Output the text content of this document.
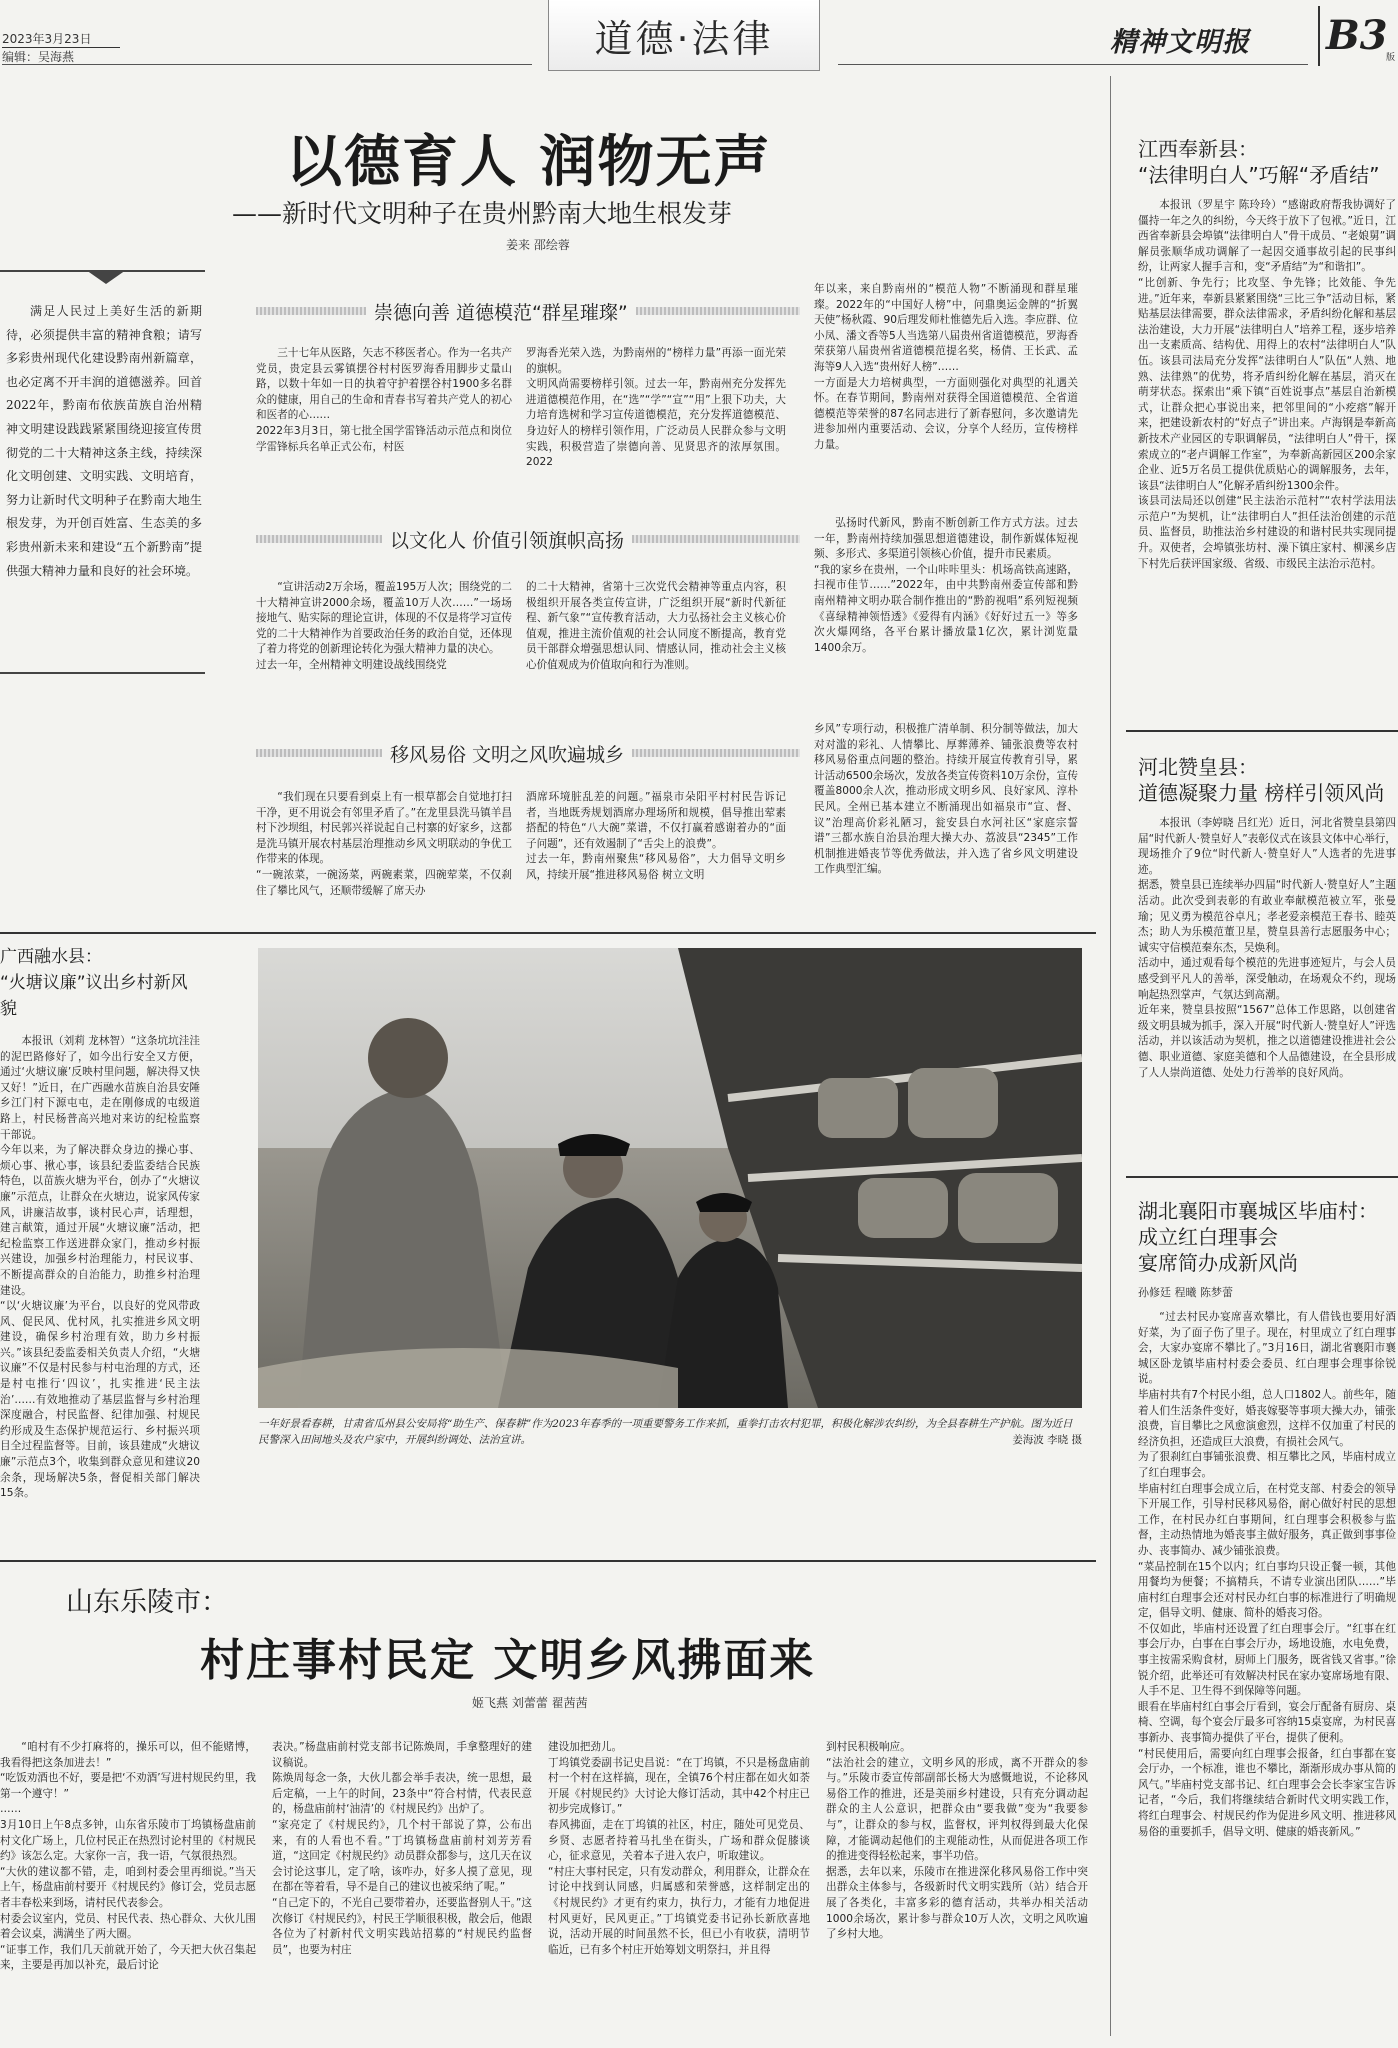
2023年3月23日
编辑：吴海燕	道德·法律	精神文明报 B3
版
以德育人 润物无声
——新时代文明种子在贵州黔南大地生根发芽
姜来 邵绘蓉
满足人民过上美好生活的新期待，必须提供丰富的精神食粮；请写多彩贵州现代化建设黔南州新篇章，也必定离不开丰润的道德滋养。回首2022年，黔南布依族苗族自治州精神文明建设践践紧紧围绕迎接宣传贯彻党的二十大精神这条主线，持续深化文明创建、文明实践、文明培育，努力让新时代文明种子在黔南大地生根发芽，为开创百姓富、生态美的多彩贵州新未来和建设“五个新黔南”提供强大精神力量和良好的社会环境。
崇德向善 道德模范“群星璀璨”
三十七年从医路，矢志不移医者心。作为一名共产党员，贵定县云雾镇摆谷村村医罗海香用脚步丈量山路，以数十年如一日的执着守护着摆谷村1900多名群众的健康，用自己的生命和青春书写着共产党人的初心和医者的心……
2022年3月3日，第七批全国学雷锋活动示范点和岗位学雷锋标兵名单正式公布，村医
罗海香光荣入选，为黔南州的“榜样力量”再添一面光荣的旗帜。
文明风尚需要榜样引领。过去一年，黔南州充分发挥先进道德模范作用，在“选”“学”“宣”“用”上狠下功夫，大力培育选树和学习宣传道德模范，充分发挥道德模范、身边好人的榜样引领作用，广泛动员人民群众参与文明实践，积极营造了崇德向善、见贤思齐的浓厚氛围。2022
年以来，来自黔南州的“模范人物”不断涌现和群星璀璨。2022年的“中国好人榜”中，问鼎奥运金牌的“折翼天使”杨秋霞、90后理发师杜惟德先后入选。李应群、位小凤、潘文香等5人当选第八届贵州省道德模范，罗海香荣获第八届贵州省道德模范提名奖，杨倩、王长武、孟海等9人入选“贵州好人榜”……
一方面是大力培树典型，一方面则强化对典型的礼遇关怀。在春节期间，黔南州对获得全国道德模范、全省道德模范等荣誉的87名同志进行了新春慰问，多次邀请先进参加州内重要活动、会议，分享个人经历，宣传榜样力量。
以文化人 价值引领旗帜高扬
“宣讲活动2万余场，覆盖195万人次；围绕党的二十大精神宣讲2000余场，覆盖10万人次……”一场场接地气、贴实际的理论宣讲，体现的不仅是将学习宣传党的二十大精神作为首要政治任务的政治自觉，还体现了着力将党的创新理论转化为强大精神力量的决心。
过去一年，全州精神文明建设战线围绕党
的二十大精神，省第十三次党代会精神等重点内容，积极组织开展各类宣传宣讲，广泛组织开展“新时代新征程、新气象”“宣传教育活动，大力弘扬社会主义核心价值观，推进主流价值观的社会认同度不断提高，教育党员干部群众增强思想认同、情感认同，推动社会主义核心价值观成为价值取向和行为准则。
弘扬时代新风，黔南不断创新工作方式方法。过去一年，黔南州持续加强思想道德建设，制作新媒体短视频、多形式、多渠道引领核心价值，提升市民素质。
“我的家乡在贵州，一个山咔咔里头：机场高铁高速路，扫视市佳节……”2022年，由中共黔南州委宣传部和黔南州精神文明办联合制作推出的“黔韵视唱”系列短视频《喜绿精神领悟透》《爱得有内涵》《好好过五一》等多次火爆网络，各平台累计播放量1亿次，累计浏览量1400余万。
移风易俗 文明之风吹遍城乡
“我们现在只要看到桌上有一根草都会自觉地打扫干净，更不用说会有邻里矛盾了。”在龙里县洗马镇羊昌村下沙坝组，村民郭兴祥说起自己村寨的好家乡，这都是洗马镇开展农村基层治理推动乡风文明联动的争优工作带来的体现。
“一碗浓菜，一碗汤菜，两碗素菜，四碗荤菜，不仅刹住了攀比风气，还顺带缓解了席天办
酒席环境脏乱差的问题。”福泉市朵阳平村村民告诉记者，当地既秀规划酒席办理场所和规模，倡导推出荤素搭配的特色“八大碗”菜谱，不仅打赢着感谢着办的“面子问题”，还有效遏制了“舌尖上的浪费”。
过去一年，黔南州聚焦“移风易俗”，大力倡导文明乡风，持续开展“推进移风易俗 树立文明
乡风”专项行动，积极推广清单制、积分制等做法，加大对对滥的彩礼、人情攀比、厚葬薄养、铺张浪费等农村移风易俗重点问题的整治。持续开展宣传教育引导，累计活动6500余场次，发放各类宣传资料10万余份，宣传覆盖8000余人次，推动形成文明乡风、良好家风、淳朴民风。全州已基本建立不断涌现出如福泉市“宣、督、议”治理高价彩礼陋习，瓮安县白水河社区“家庭宗誓谱”三都水族自治县治理大操大办、荔波县“2345”工作机制推进婚丧节等优秀做法，并入选了省乡风文明建设工作典型汇编。
江西奉新县：
“法律明白人”巧解“矛盾结”
本报讯（罗星宇 陈玲玲）“感谢政府帮我协调好了僵持一年之久的纠纷，今天终于放下了包袱。”近日，江西省奉新县会埠镇“法律明白人”骨干成员、“老娘舅”调解员张顺华成功调解了一起因交通事故引起的民事纠纷，让两家人握手言和，变“矛盾结”为“和谐扣”。
“比创新、争先行；比攻坚、争先锋；比效能、争先进。”近年来，奉新县紧紧围绕“三比三争”活动目标，紧贴基层法律需要，群众法律需求，矛盾纠纷化解和基层法治建设，大力开展“法律明白人”培养工程，逐步培养出一支素质高、结构优、用得上的农村“法律明白人”队伍。该县司法局充分发挥“法律明白人”队伍“人熟、地熟、法律熟”的优势，将矛盾纠纷化解在基层，消灭在萌芽状态。探索出“乘下镇“百姓说事点”基层自治新模式，让群众把心事说出来，把邻里间的“小疙瘩”解开来，把建设新农村的“好点子”讲出来。卢海钢是奉新高新技术产业园区的专职调解员，“法律明白人”骨干，探索成立的“老卢调解工作室”，为奉新高新园区200余家企业、近5万名员工提供优质贴心的调解服务，去年，该县“法律明白人”化解矛盾纠纷1300余件。
该县司法局还以创建“民主法治示范村”“农村学法用法示范户”为契机，让“法律明白人”担任法治创建的示范员、监督员，助推法治乡村建设的和谐村民共实现同提升。双使者，会埠镇张坊村、澡下镇庄家村、柳溪乡店下村先后获评国家级、省级、市级民主法治示范村。
河北赞皇县：
道德凝聚力量 榜样引领风尚
本报讯（李婷晓 吕红光）近日，河北省赞皇县第四届“时代新人·赞皇好人”表彰仪式在该县文体中心举行，现场推介了9位“时代新人·赞皇好人”人选者的先进事迹。
据悉，赞皇县已连续举办四届“时代新人·赞皇好人”主题活动。此次受到表彰的有敢业奉献模范被立军，张曼瑜；见义勇为模范谷卓凡；孝老爱亲模范王春书、睦英杰；助人为乐模范董卫星，赞皇县善行志愿服务中心；诚实守信模范秦东杰，吴焕利。
活动中，通过观看每个模范的先进事迹短片，与会人员感受到平凡人的善举，深受触动，在场观众不约，现场响起热烈掌声，气氛达到高潮。
近年来，赞皇县按照“1567”总体工作思路，以创建省级文明县城为抓手，深入开展“时代新人·赞皇好人”评选活动，并以该活动为契机，推之以道德建设推进社会公德、职业道德、家庭美德和个人品德建设，在全县形成了人人崇尚道德、处处力行善举的良好风尚。
湖北襄阳市襄城区毕庙村：
成立红白理事会
宴席简办成新风尚
孙修廷 程曦 陈梦蕾
“过去村民办宴席喜欢攀比，有人借钱也要用好酒好菜，为了面子伤了里子。现在，村里成立了红白理事会，大家办宴席不攀比了。”3月16日，湖北省襄阳市襄城区卧龙镇毕庙村村委会委员、红白理事会理事徐锐说。
毕庙村共有7个村民小组，总人口1802人。前些年，随着人们生活条件变好，婚丧嫁娶等事项大操大办，铺张浪费，盲目攀比之风愈演愈烈，这样不仅加重了村民的经济负担，还造成巨大浪费，有损社会风气。
为了狠刹红白事铺张浪费、相互攀比之风，毕庙村成立了红白理事会。
毕庙村红白理事会成立后，在村党支部、村委会的领导下开展工作，引导村民移风易俗，耐心做好村民的思想工作，在村民办红白事期间，红白理事会积极参与监督，主动热情地为婚丧事主做好服务，真正做到事事俭办、丧事简办、减少铺张浪费。
“菜品控制在15个以内；红白事均只设正餐一顿，其他用餐均为便餐；不搞精兵，不请专业演出团队……”毕庙村红白理事会还对村民办红白事的标准进行了明确规定，倡导文明、健康、简朴的婚丧习俗。
不仅如此，毕庙村还设置了红白理事会厅。“红事在红事会厅办，白事在白事会厅办，场地设施，水电免费，事主按需采购食材，厨师上门服务，既省钱又省事。”徐锐介绍，此举还可有效解决村民在家办宴席场地有限、人手不足、卫生得不到保障等问题。
眼看在毕庙村红白事会厅看到，宴会厅配备有厨房、桌椅、空调，每个宴会厅最多可容纳15桌宴席，为村民喜事新办、丧事简办提供了平台，提供了便利。
“村民使用后，需要向红白理事会报备，红白事都在宴会厅办，一个标准，谁也不攀比，渐渐形成办事从简的风气。”毕庙村党支部书记、红白理事会会长李家宝告诉记者，“今后，我们将继续结合新时代文明实践工作，将红白理事会、村规民约作为促进乡风文明、推进移风易俗的重要抓手，倡导文明、健康的婚丧新风。”
广西融水县：
“火塘议廉”议出乡村新风貌
本报讯（刘莉 龙林智）“这条坑坑洼洼的泥巴路修好了，如今出行安全又方便，通过‘火塘议廉’反映村里问题，解决得又快又好！”近日，在广西融水苗族自治县安陲乡江门村下源屯屯，走在刚修成的屯级道路上，村民杨普高兴地对来访的纪检监察干部说。
今年以来，为了解决群众身边的操心事、烦心事、揪心事，该县纪委监委结合民族特色，以苗族火塘为平台，创办了“火塘议廉”示范点，让群众在火塘边，说家风传家风，讲廉洁故事，谈村民心声，话理想，建言献策，通过开展“火塘议廉”活动，把纪检监察工作送进群众家门，推动乡村振兴建设，加强乡村治理能力，村民议事、不断提高群众的自治能力，助推乡村治理建设。
“以‘火塘议廉’为平台，以良好的党风带政风、促民风、优村风，扎实推进乡风文明建设，确保乡村治理有效，助力乡村振兴。”该县纪委监委相关负责人介绍，“火塘议廉”不仅是村民参与村屯治理的方式，还是村屯推行‘四议’，扎实推进‘民主法治’……有效地推动了基层监督与乡村治理深度融合，村民监督、纪律加强、村规民约形成及生态保护规范运行、乡村振兴项目全过程监督等。目前，该县建成“火塘议廉”示范点3个，收集到群众意见和建议20余条，现场解决5条，督促相关部门解决15条。
一年好景看春耕，甘肃省瓜州县公安局将“助生产、保春耕”作为2023年春季的一项重要警务工作来抓，重拳打击农村犯罪，积极化解涉农纠纷，为全县春耕生产护航。图为近日民警深入田间地头及农户家中，开展纠纷调处、法治宣讲。	姜海波 李晓 摄
山东乐陵市：
村庄事村民定 文明乡风拂面来
姬飞燕 刘蕾蕾 翟茜茜
“咱村有不少打麻将的，操乐可以，但不能赌博，我看得把这条加进去！”
“吃饭劝酒也不好，要是把‘不劝酒’写进村规民约里，我第一个遵守！”
……
3月10日上午8点多钟，山东省乐陵市丁坞镇杨盘庙前村文化广场上，几位村民正在热烈讨论村里的《村规民约》该怎么定。大家你一言，我一语，气氛很热烈。
“大伙的建议都不错，走，咱到村委会里再细说。”当天上午，杨盘庙前村要开《村规民约》修订会，党员志愿者丰春松来到场，请村民代表参会。
村委会议室内，党员、村民代表、热心群众、大伙儿围着会议桌，满满坐了两大圈。
“证事工作，我们几天前就开始了，今天把大伙召集起来，主要是再加以补充，最后讨论
表决。”杨盘庙前村党支部书记陈焕周，手拿整理好的建议稿说。
陈焕周每念一条，大伙儿都会举手表决，统一思想，最后定稿，一上午的时间，23条中“符合村情，代表民意的，杨盘庙前村‘油清’的《村规民约》出炉了。
“家亮定了《村规民约》，几个村干部说了算，公布出来，有的人看也不看。”丁坞镇杨盘庙前村刘芳芳看道，“这回定《村规民约》动员群众都参与，这几天在议会讨论这事儿，定了啥，该咋办，好多人摸了意见，现在都在等着看，导不是自己的建议也被采纳了呢。”
“自己定下的，不光自己要带着办，还要监督别人干。”这次修订《村规民约》，村民王学顺很积极，散会后，他跟各位为了村新村代文明实践站招募的“村规民约监督员”，也要为村庄
建设加把劲儿。
丁坞镇党委副书记史昌说：“在丁坞镇，不只是杨盘庙前村一个村在这样搞，现在，全镇76个村庄都在如火如荼开展《村规民约》大讨论大修订活动，其中42个村庄已初步完成修订。”
春风拂面，走在丁坞镇的社区，村庄，随处可见党员、乡贤、志愿者持着马扎坐在街头，广场和群众促膝谈心，征求意见，关着本子进入农户，听取建议。
“村庄大事村民定，只有发动群众，利用群众，让群众在讨论中找到认同感，归属感和荣誉感，这样制定出的《村规民约》才更有约束力，执行力，才能有力地促进村风更好，民风更正。”丁坞镇党委书记孙长新欣喜地说，活动开展的时间虽然不长，但已小有收获，清明节临近，已有多个村庄开始筹划文明祭扫，并且得
到村民积极响应。
“法治社会的建立，文明乡风的形成，离不开群众的参与。”乐陵市委宣传部副部长杨大为感慨地说，不论移风易俗工作的推进，还是美丽乡村建设，只有充分调动起群众的主人公意识，把群众由“要我做”变为“我要参与”，让群众的参与权，监督权，评判权得到最大化保障，才能调动起他们的主观能动性，从而促进各项工作的推进变得轻松起来，事半功倍。
据悉，去年以来，乐陵市在推进深化移风易俗工作中突出群众主体参与，各级新时代文明实践所（站）结合开展了各类化，丰富多彩的德育活动，共举办相关活动1000余场次，累计参与群众10万人次，文明之风吹遍了乡村大地。
